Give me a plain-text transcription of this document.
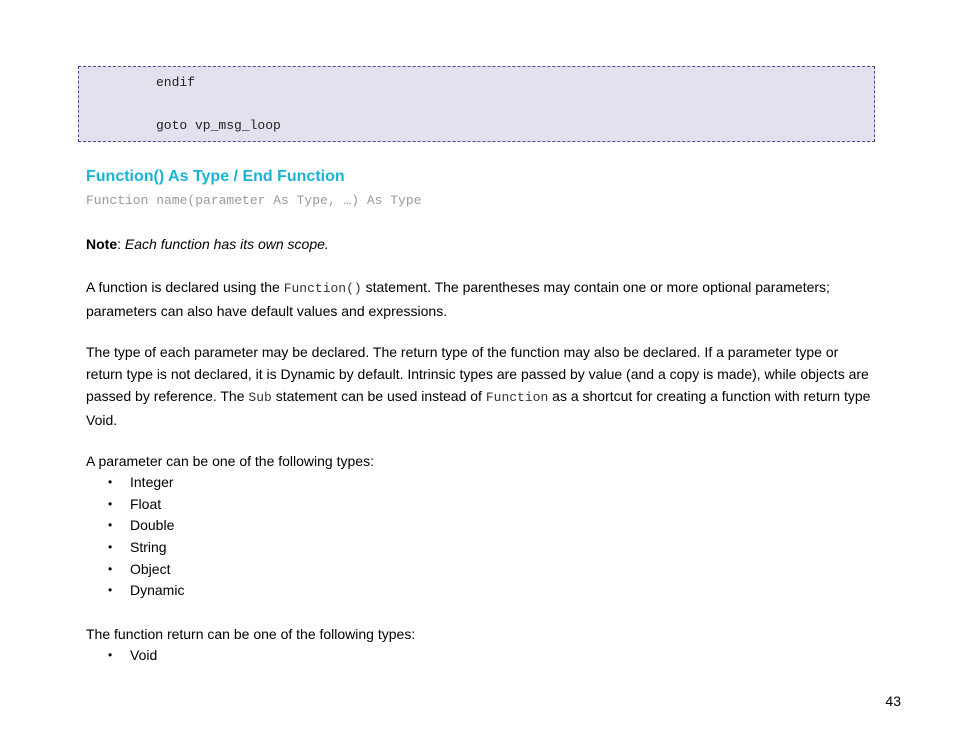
endif
goto vp_msg_loop
Function() As Type / End Function
Function name(parameter As Type, …) As Type
Note: Each function has its own scope.
A function is declared using the Function() statement. The parentheses may contain one or more optional parameters; parameters can also have default values and expressions.
The type of each parameter may be declared. The return type of the function may also be declared. If a parameter type or return type is not declared, it is Dynamic by default. Intrinsic types are passed by value (and a copy is made), while objects are passed by reference. The Sub statement can be used instead of Function as a shortcut for creating a function with return type Void.
A parameter can be one of the following types:
• Integer
• Float
• Double
• String
• Object
• Dynamic
The function return can be one of the following types:
• Void
43
